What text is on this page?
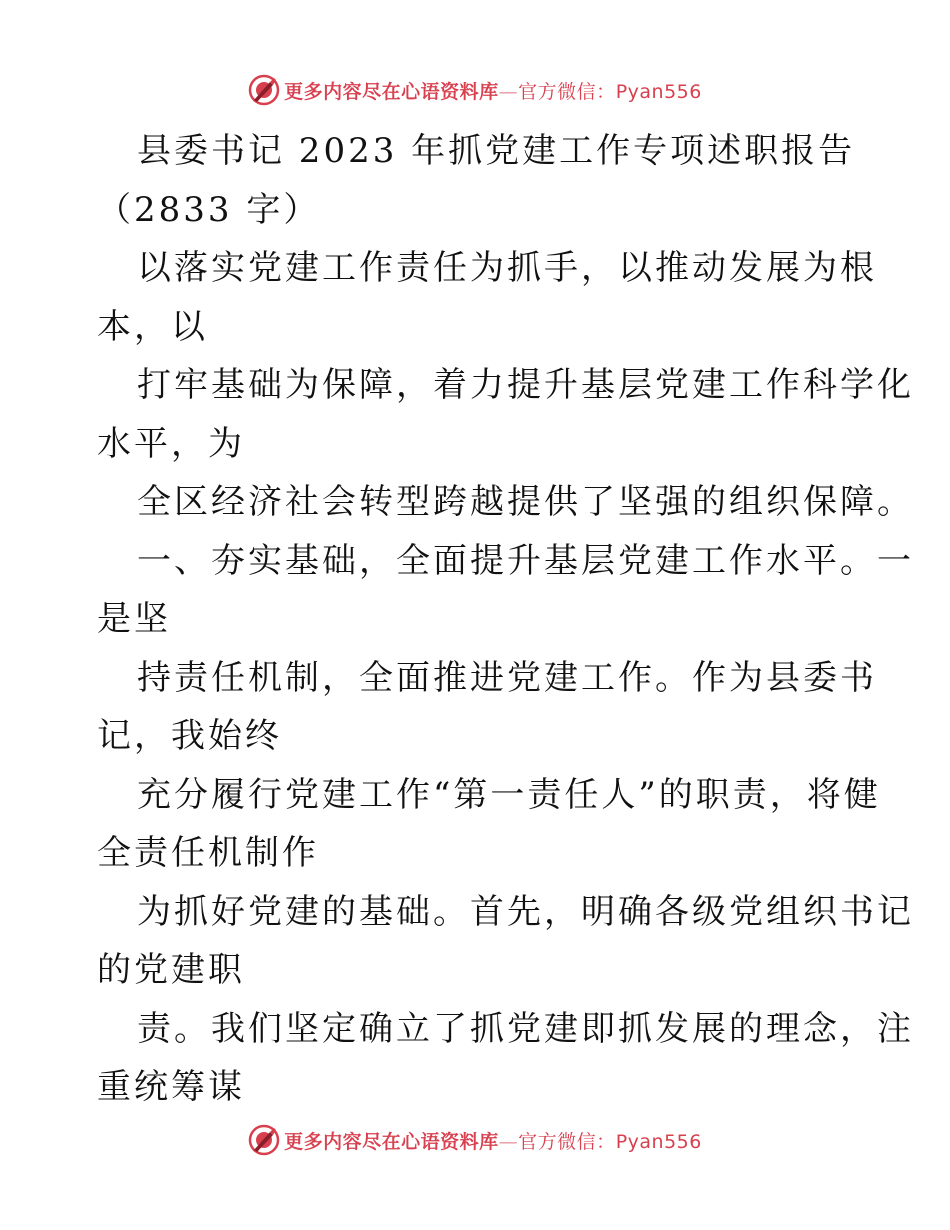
更多内容尽在心语资料库—官方微信：Pyan556
县委书记 2023 年抓党建工作专项述职报告
（2833 字）
以落实党建工作责任为抓手，以推动发展为根
本，以
打牢基础为保障，着力提升基层党建工作科学化
水平，为
全区经济社会转型跨越提供了坚强的组织保障。
一、夯实基础，全面提升基层党建工作水平。一
是坚
持责任机制，全面推进党建工作。作为县委书
记，我始终
充分履行党建工作“第一责任人”的职责，将健
全责任机制作
为抓好党建的基础。首先，明确各级党组织书记
的党建职
责。我们坚定确立了抓党建即抓发展的理念，注
重统筹谋
更多内容尽在心语资料库—官方微信：Pyan556
